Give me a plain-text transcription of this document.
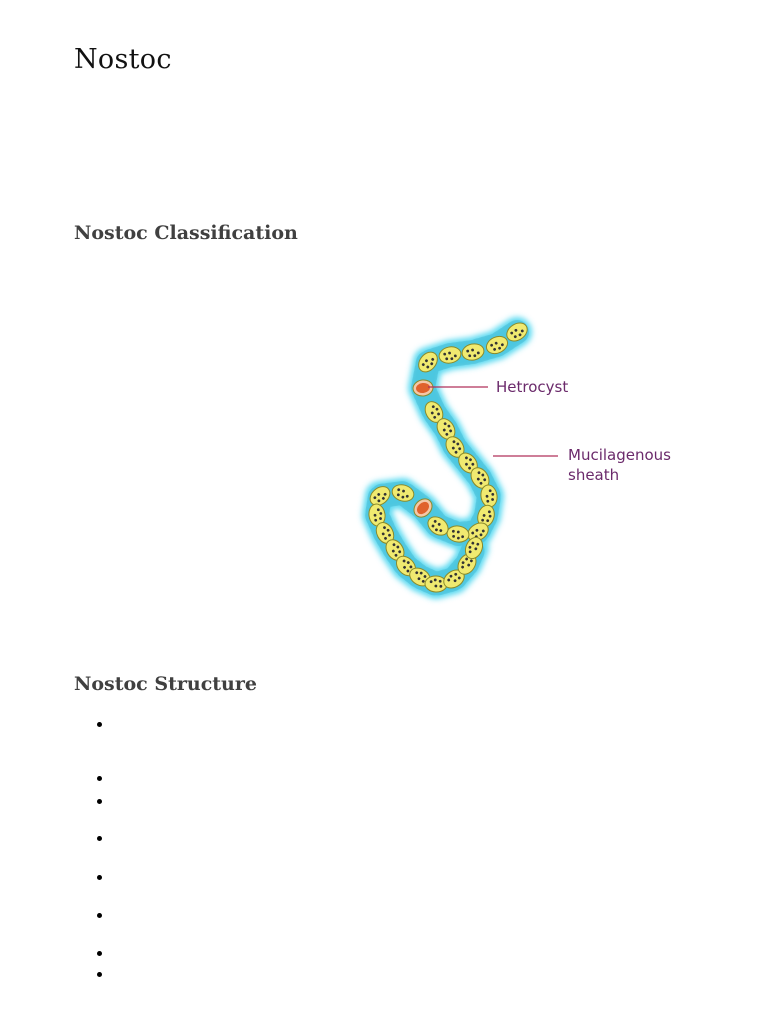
Nostoc
Nostoc Classification
Hetrocyst
Mucilagenous
sheath
Nostoc Structure
